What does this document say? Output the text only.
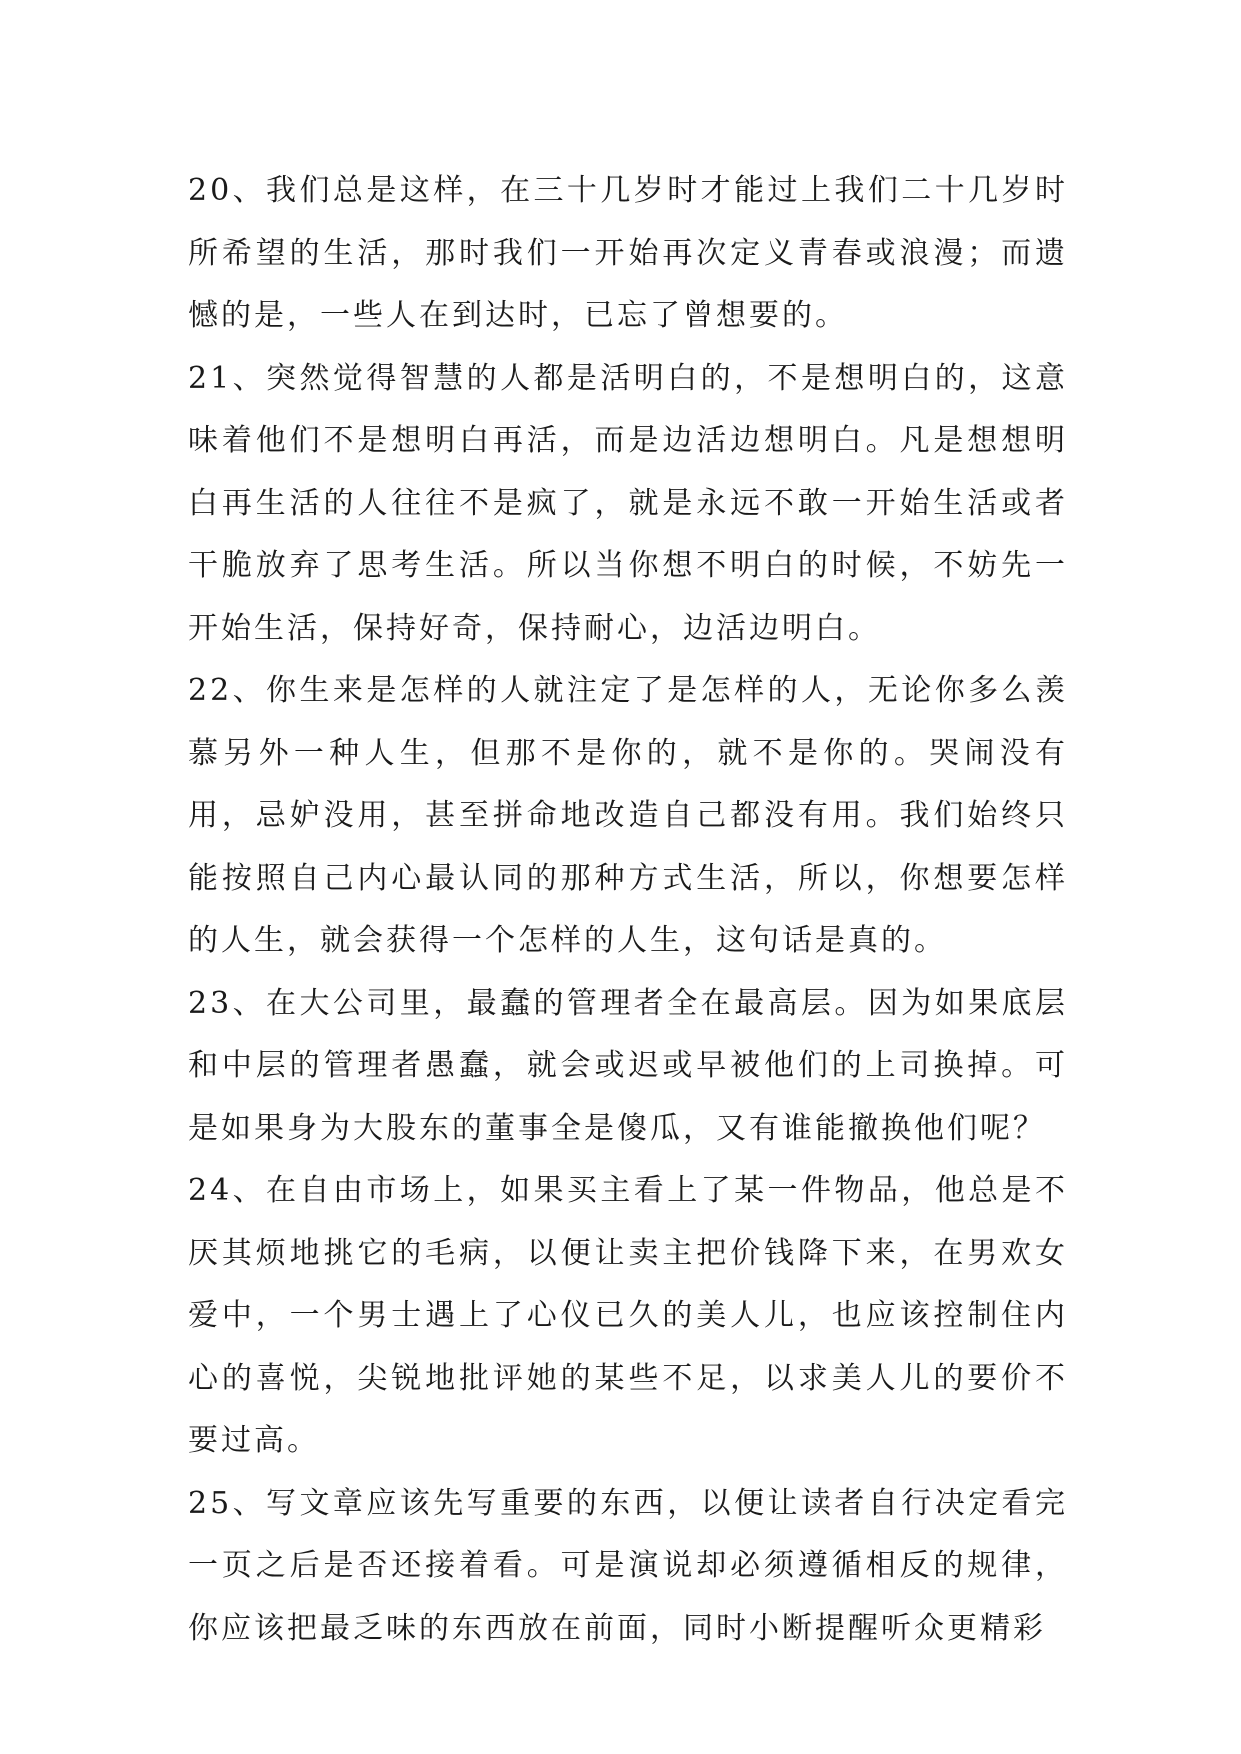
20、我们总是这样，在三十几岁时才能过上我们二十几岁时所希望的生活，那时我们一开始再次定义青春或浪漫；而遗憾的是，一些人在到达时，已忘了曾想要的。

21、突然觉得智慧的人都是活明白的，不是想明白的，这意味着他们不是想明白再活，而是边活边想明白。凡是想想明白再生活的人往往不是疯了，就是永远不敢一开始生活或者干脆放弃了思考生活。所以当你想不明白的时候，不妨先一开始生活，保持好奇，保持耐心，边活边明白。

22、你生来是怎样的人就注定了是怎样的人，无论你多么羡慕另外一种人生，但那不是你的，就不是你的。哭闹没有用，忌妒没用，甚至拼命地改造自己都没有用。我们始终只能按照自己内心最认同的那种方式生活，所以，你想要怎样的人生，就会获得一个怎样的人生，这句话是真的。

23、在大公司里，最蠢的管理者全在最高层。因为如果底层和中层的管理者愚蠢，就会或迟或早被他们的上司换掉。可是如果身为大股东的董事全是傻瓜，又有谁能撤换他们呢？

24、在自由市场上，如果买主看上了某一件物品，他总是不厌其烦地挑它的毛病，以便让卖主把价钱降下来，在男欢女爱中，一个男士遇上了心仪已久的美人儿，也应该控制住内心的喜悦，尖锐地批评她的某些不足，以求美人儿的要价不要过高。

25、写文章应该先写重要的东西，以便让读者自行决定看完一页之后是否还接着看。可是演说却必须遵循相反的规律，你应该把最乏味的东西放在前面，同时小断提醒听众更精彩
